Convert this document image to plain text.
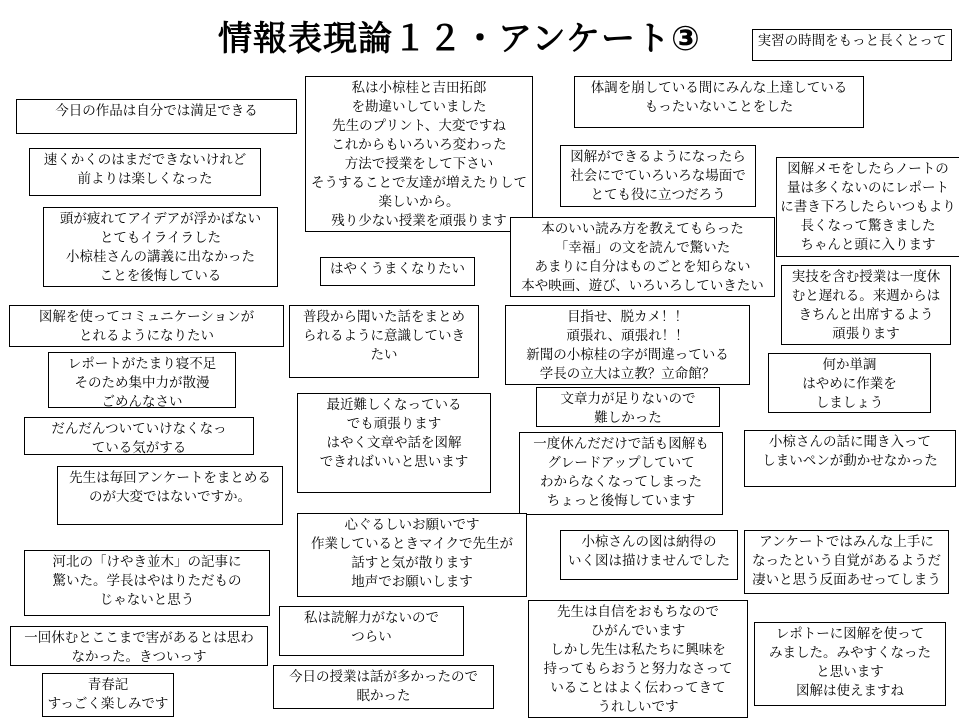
情報表現論１２・アンケート③	実習の時間をもっと長くとって
私は小椋桂と吉田拓郎
を勘違いしていました
先生のプリント、大変ですね
これからもいろいろ変わった
方法で授業をして下さい
そうすることで友達が増えたりして
楽しいから。
残り少ない授業を頑張ります
体調を崩している間にみんな上達している
もったいないことをした
今日の作品は自分では満足できる
速くかくのはまだできないけれど
前よりは楽しくなった
図解ができるようになったら
社会にでていろいろな場面で
とても役に立つだろう
図解メモをしたらノートの
量は多くないのにレポート
に書き下ろしたらいつもより
長くなって驚きました
ちゃんと頭に入ります
頭が疲れてアイデアが浮かばない
とてもイライラした
小椋桂さんの講義に出なかった
ことを後悔している
本のいい読み方を教えてもらった
「幸福」の文を読んで驚いた
あまりに自分はものごとを知らない
本や映画、遊び、いろいろしていきたい
はやくうまくなりたい	実技を含む授業は一度休
むと遅れる。来週からは
きちんと出席するよう
頑張ります
図解を使ってコミュニケーションが
とれるようになりたい
普段から聞いた話をまとめ
られるように意識していき
たい
目指せ、脱カメ！！
頑張れ、頑張れ！！
新聞の小椋桂の字が間違っている
学長の立大は立教？立命館？
レポートがたまり寝不足
そのため集中力が散漫
ごめんなさい
何か単調
はやめに作業を
しましょう
文章力が足りないので
難しかった
最近難しくなっている
でも頑張ります
はやく文章や話を図解
できればいいと思います
だんだんついていけなくなっ
ている気がする	一度休んだだけで話も図解も
グレードアップしていて
わからなくなってしまった
ちょっと後悔しています
小椋さんの話に聞き入って
しまいペンが動かせなかった
先生は毎回アンケートをまとめる
のが大変ではないですか。
心ぐるしいお願いです
作業しているときマイクで先生が
話すと気が散ります
地声でお願いします
小椋さんの図は納得の
いく図は描けませんでした
アンケートではみんな上手に
なったという自覚があるようだ
凄いと思う反面あせってしまう
河北の「けやき並木」の記事に
驚いた。学長はやはりただもの
じゃないと思う
私は読解力がないので
つらい
先生は自信をおもちなので
ひがんでいます
しかし先生は私たちに興味を
持ってもらおうと努力なさって
いることはよく伝わってきて
うれしいです
一回休むとここまで害があるとは思わ
なかった。きついっす
レポトーに図解を使って
みました。みやすくなった
と思います
図解は使えますね
今日の授業は話が多かったので
眠かった
青春記
すっごく楽しみです
